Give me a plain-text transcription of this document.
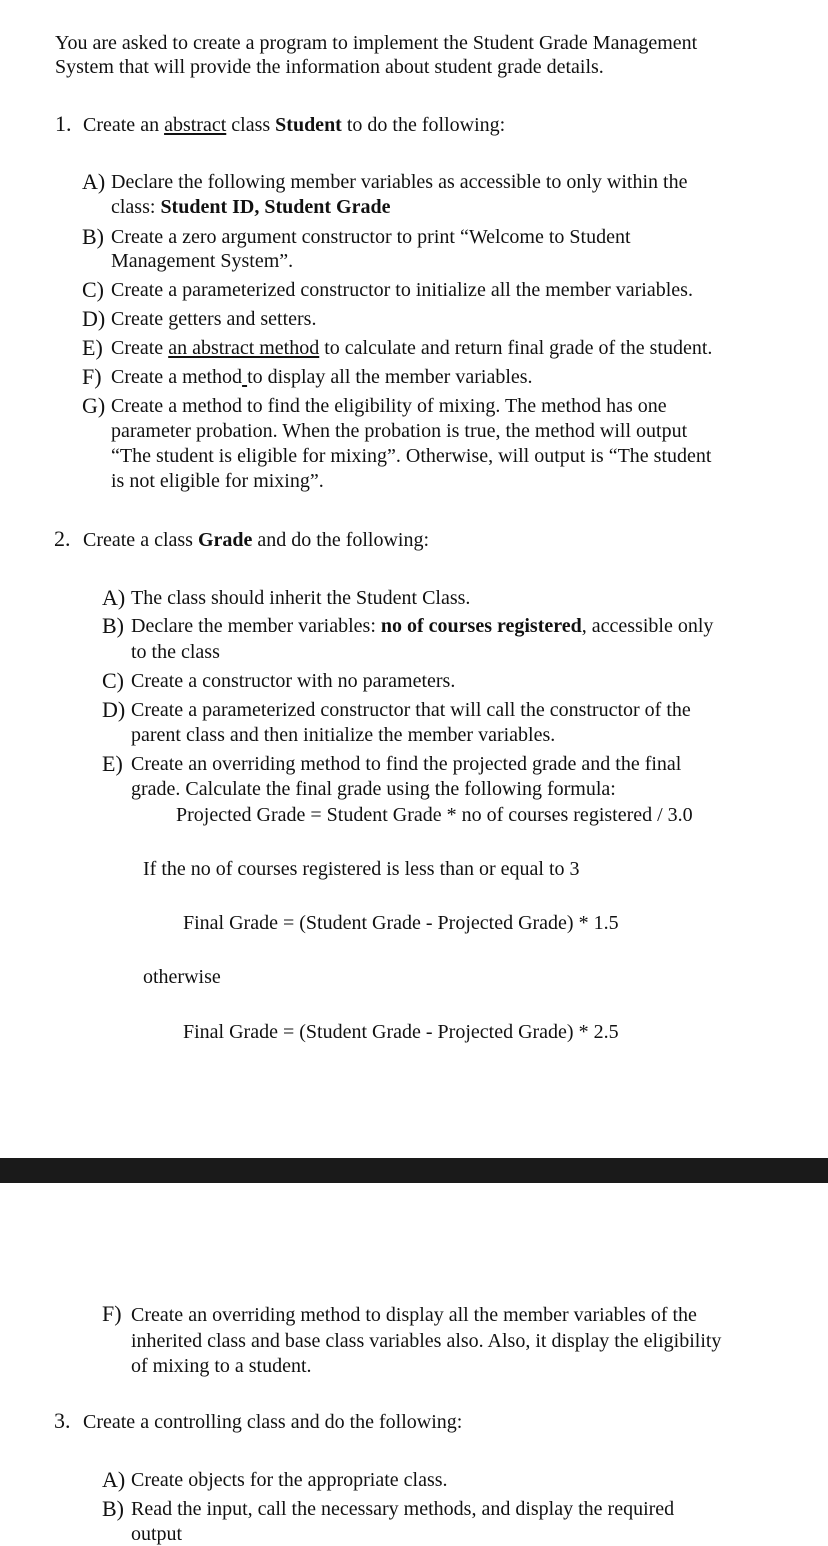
You are asked to create a program to implement the Student Grade Management
System that will provide the information about student grade details.
1. Create an abstract class Student to do the following:
A) Declare the following member variables as accessible to only within the
class: Student ID, Student Grade
B) Create a zero argument constructor to print “Welcome to Student
Management System”.
C) Create a parameterized constructor to initialize all the member variables.
D) Create getters and setters.
E) Create an abstract method to calculate and return final grade of the student.
F) Create a method to display all the member variables.
G) Create a method to find the eligibility of mixing. The method has one
parameter probation. When the probation is true, the method will output
“The student is eligible for mixing”. Otherwise, will output is “The student
is not eligible for mixing”.
2. Create a class Grade and do the following:
A) The class should inherit the Student Class.
B) Declare the member variables: no of courses registered, accessible only
to the class
C) Create a constructor with no parameters.
D) Create a parameterized constructor that will call the constructor of the
parent class and then initialize the member variables.
E) Create an overriding method to find the projected grade and the final
grade. Calculate the final grade using the following formula:
Projected Grade = Student Grade * no of courses registered / 3.0
If the no of courses registered is less than or equal to 3
Final Grade = (Student Grade - Projected Grade) * 1.5
otherwise
Final Grade = (Student Grade - Projected Grade) * 2.5
F) Create an overriding method to display all the member variables of the
inherited class and base class variables also. Also, it display the eligibility
of mixing to a student.
3. Create a controlling class and do the following:
A) Create objects for the appropriate class.
B) Read the input, call the necessary methods, and display the required
output
